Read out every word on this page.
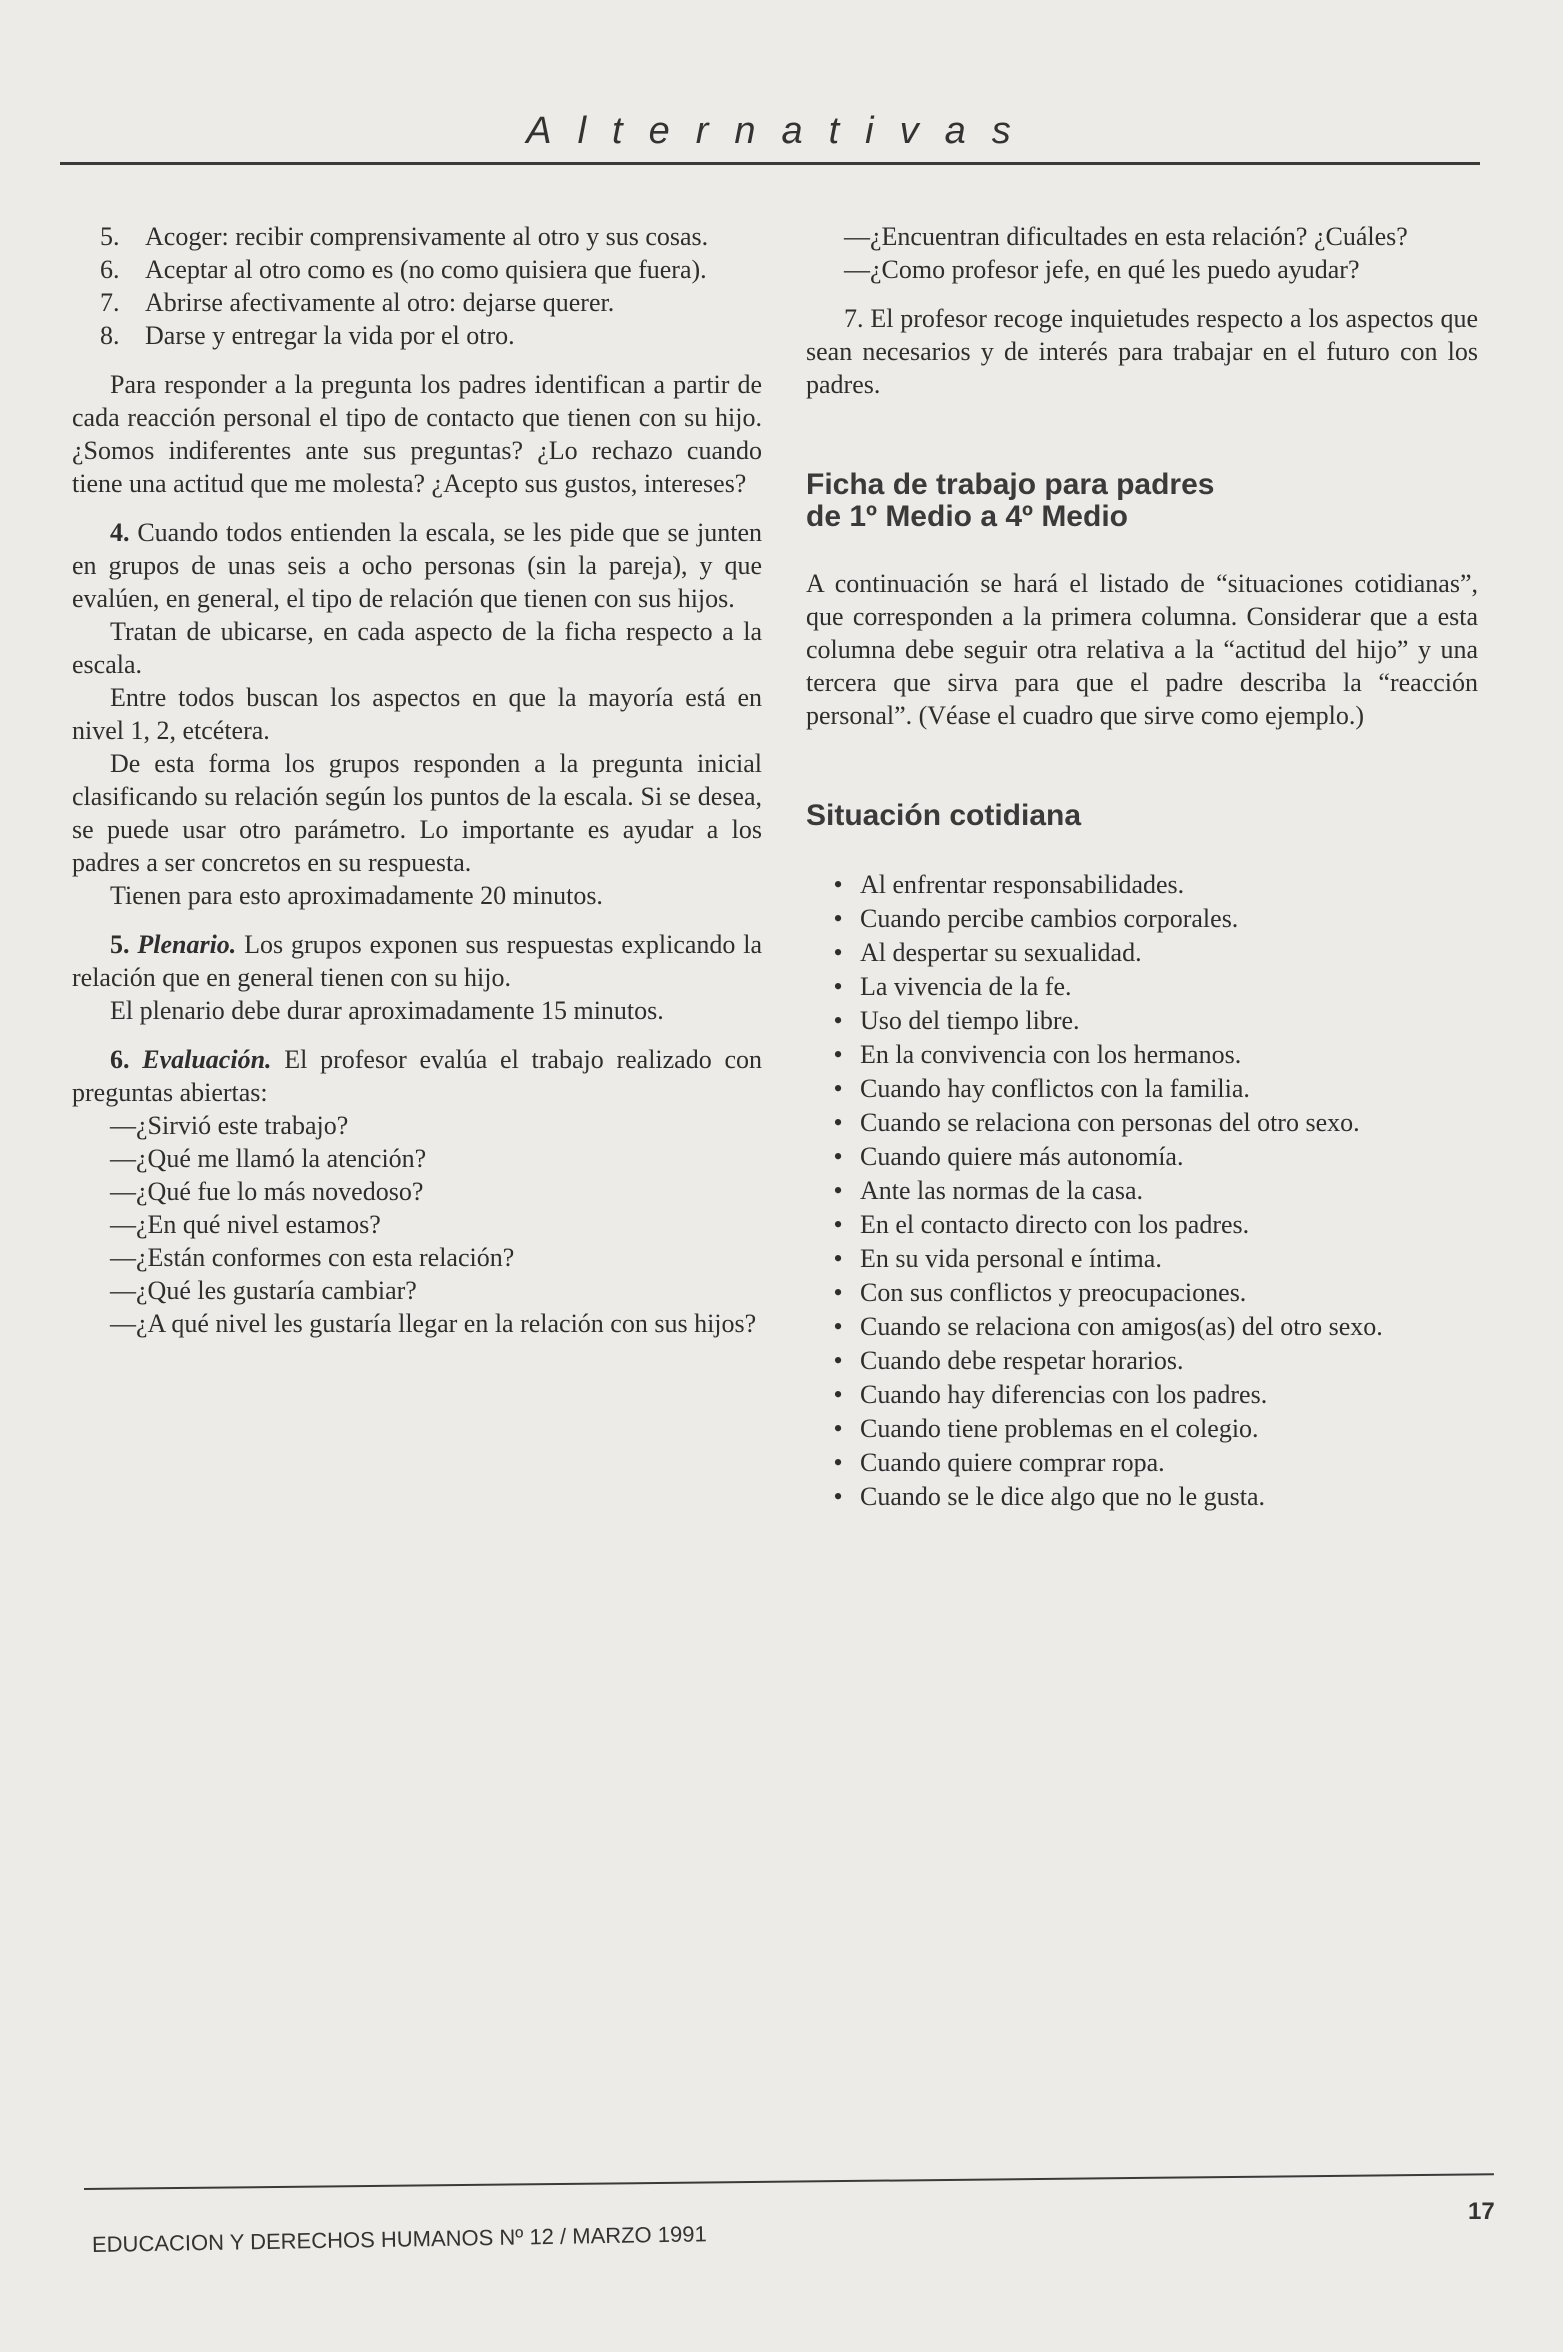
Alternativas
5. Acoger: recibir comprensivamente al otro y sus cosas.
6. Aceptar al otro como es (no como quisiera que fuera).
7. Abrirse afectivamente al otro: dejarse querer.
8. Darse y entregar la vida por el otro.

Para responder a la pregunta los padres identifican a partir de cada reacción personal el tipo de contacto que tienen con su hijo. ¿Somos indiferentes ante sus preguntas? ¿Lo rechazo cuando tiene una actitud que me molesta? ¿Acepto sus gustos, intereses?

4. Cuando todos entienden la escala, se les pide que se junten en grupos de unas seis a ocho personas (sin la pareja), y que evalúen, en general, el tipo de relación que tienen con sus hijos.

Tratan de ubicarse, en cada aspecto de la ficha respecto a la escala.

Entre todos buscan los aspectos en que la mayoría está en nivel 1, 2, etcétera.

De esta forma los grupos responden a la pregunta inicial clasificando su relación según los puntos de la escala. Si se desea, se puede usar otro parámetro. Lo importante es ayudar a los padres a ser concretos en su respuesta.

Tienen para esto aproximadamente 20 minutos.

5. Plenario. Los grupos exponen sus respuestas explicando la relación que en general tienen con su hijo.

El plenario debe durar aproximadamente 15 minutos.

6. Evaluación. El profesor evalúa el trabajo realizado con preguntas abiertas:

—¿Sirvió este trabajo?

—¿Qué me llamó la atención?

—¿Qué fue lo más novedoso?

—¿En qué nivel estamos?

—¿Están conformes con esta relación?

—¿Qué les gustaría cambiar?

—¿A qué nivel les gustaría llegar en la relación con sus hijos?

—¿Encuentran dificultades en esta relación? ¿Cuáles?

—¿Como profesor jefe, en qué les puedo ayudar?

7. El profesor recoge inquietudes respecto a los aspectos que sean necesarios y de interés para trabajar en el futuro con los padres.

Ficha de trabajo para padres
de 1º Medio a 4º Medio

A continuación se hará el listado de “situaciones cotidianas”, que corresponden a la primera columna. Considerar que a esta columna debe seguir otra relativa a la “actitud del hijo” y una tercera que sirva para que el padre describa la “reacción personal”. (Véase el cuadro que sirve como ejemplo.)

Situación cotidiana
• Al enfrentar responsabilidades.
• Cuando percibe cambios corporales.
• Al despertar su sexualidad.
• La vivencia de la fe.
• Uso del tiempo libre.
• En la convivencia con los hermanos.
• Cuando hay conflictos con la familia.
• Cuando se relaciona con personas del otro sexo.
• Cuando quiere más autonomía.
• Ante las normas de la casa.
• En el contacto directo con los padres.
• En su vida personal e íntima.
• Con sus conflictos y preocupaciones.
• Cuando se relaciona con amigos(as) del otro sexo.
• Cuando debe respetar horarios.
• Cuando hay diferencias con los padres.
• Cuando tiene problemas en el colegio.
• Cuando quiere comprar ropa.
• Cuando se le dice algo que no le gusta.
EDUCACION Y DERECHOS HUMANOS Nº 12 / MARZO 1991
17
